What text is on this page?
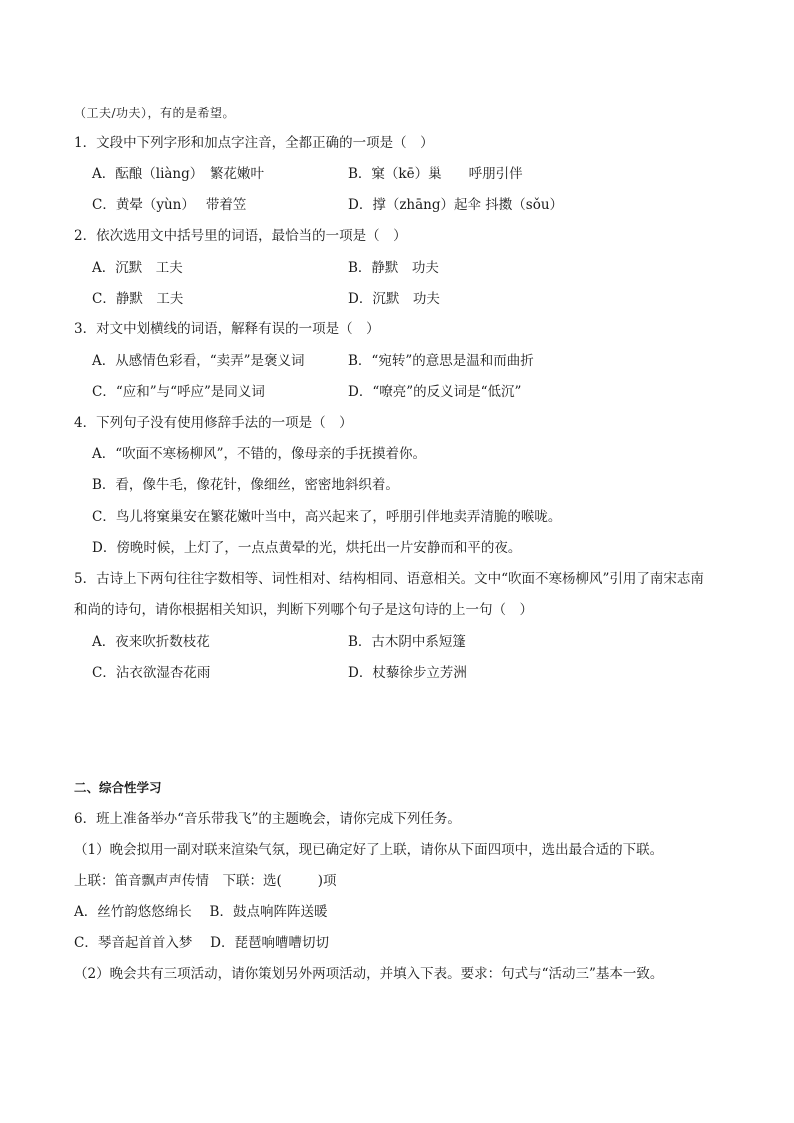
（工夫/功夫），有的是希望。
1．文段中下列字形和加点字注音，全都正确的一项是（　）
A．酝酿（liàng）　繁花嫩叶	B．窠（kē）巢　　呼朋引伴
C．黄晕（yùn）　 带着笠	D．撑（zhāng）起伞 抖擞（sǒu）
2．依次选用文中括号里的词语，最恰当的一项是（　）
A．沉默　工夫	B．静默　功夫
C．静默　工夫	D．沉默　功夫
3．对文中划横线的词语，解释有误的一项是（　）
A．从感情色彩看，“卖弄”是褒义词	B．“宛转”的意思是温和而曲折
C．“应和”与“呼应”是同义词	D．“嘹亮”的反义词是“低沉”
4．下列句子没有使用修辞手法的一项是（　）
A．“吹面不寒杨柳风”，不错的，像母亲的手抚摸着你。
B．看，像牛毛，像花针，像细丝，密密地斜织着。
C．鸟儿将窠巢安在繁花嫩叶当中，高兴起来了，呼朋引伴地卖弄清脆的喉咙。
D．傍晚时候，上灯了，一点点黄晕的光，烘托出一片安静而和平的夜。
5．古诗上下两句往往字数相等、词性相对、结构相同、语意相关。文中“吹面不寒杨柳风”引用了南宋志南
和尚的诗句，请你根据相关知识，判断下列哪个句子是这句诗的上一句（　）
A．夜来吹折数枝花	B．古木阴中系短篷
C．沾衣欲湿杏花雨	D．杖藜徐步立芳洲
二、综合性学习
6．班上准备举办“音乐带我飞”的主题晚会，请你完成下列任务。
（1）晚会拟用一副对联来渲染气氛，现已确定好了上联，请你从下面四项中，选出最合适的下联。
上联：笛音飘声声传情　下联：选(	)项
A．丝竹韵悠悠绵长　 B．鼓点响阵阵送暖
C．琴音起首首入梦　 D．琵琶响嘈嘈切切
（2）晚会共有三项活动，请你策划另外两项活动，并填入下表。要求：句式与“活动三”基本一致。
